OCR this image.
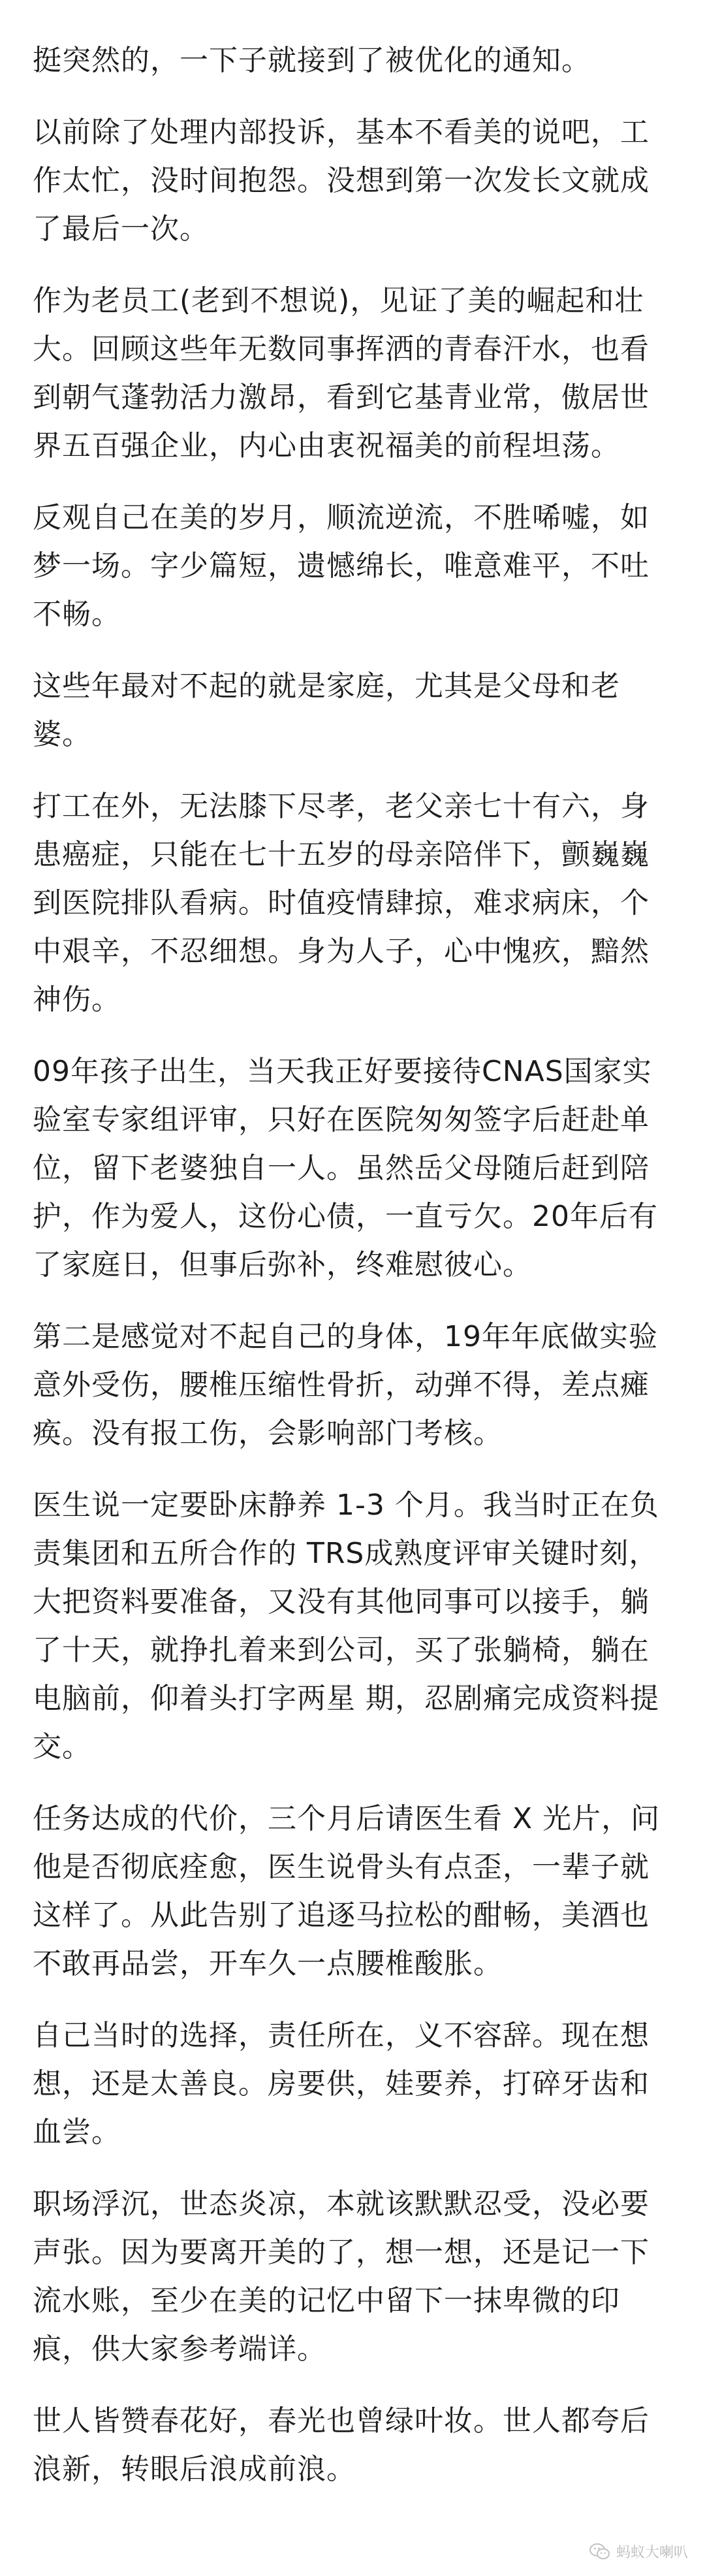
挺突然的，一下子就接到了被优化的通知。

以前除了处理内部投诉，基本不看美的说吧，工作太忙，没时间抱怨。没想到第一次发长文就成了最后一次。

作为老员工(老到不想说)，见证了美的崛起和壮大。回顾这些年无数同事挥洒的青春汗水，也看到朝气蓬勃活力激昂，看到它基青业常，傲居世界五百强企业，内心由衷祝福美的前程坦荡。

反观自己在美的岁月，顺流逆流，不胜唏嘘，如梦一场。字少篇短，遗憾绵长，唯意难平，不吐不畅。

这些年最对不起的就是家庭，尤其是父母和老婆。

打工在外，无法膝下尽孝，老父亲七十有六，身患癌症，只能在七十五岁的母亲陪伴下，颤巍巍到医院排队看病。时值疫情肆掠，难求病床，个中艰辛，不忍细想。身为人子，心中愧疚，黯然神伤。

09年孩子出生，当天我正好要接待CNAS国家实验室专家组评审，只好在医院匆匆签字后赶赴单位，留下老婆独自一人。虽然岳父母随后赶到陪护，作为爱人，这份心债，一直亏欠。20年后有了家庭日，但事后弥补，终难慰彼心。

第二是感觉对不起自己的身体，19年年底做实验意外受伤，腰椎压缩性骨折，动弹不得，差点瘫痪。没有报工伤，会影响部门考核。

医生说一定要卧床静养 1-3 个月。我当时正在负责集团和五所合作的 TRS成熟度评审关键时刻，大把资料要准备，又没有其他同事可以接手，躺了十天，就挣扎着来到公司，买了张躺椅，躺在电脑前，仰着头打字两星 期，忍剧痛完成资料提交。

任务达成的代价，三个月后请医生看 X 光片，问他是否彻底痊愈，医生说骨头有点歪，一辈子就这样了。从此告别了追逐马拉松的酣畅，美酒也不敢再品尝，开车久一点腰椎酸胀。

自己当时的选择，责任所在，义不容辞。现在想想，还是太善良。房要供，娃要养，打碎牙齿和血尝。

职场浮沉，世态炎凉，本就该默默忍受，没必要声张。因为要离开美的了，想一想，还是记一下流水账，至少在美的记忆中留下一抹卑微的印痕，供大家参考端详。

世人皆赞春花好，春光也曾绿叶妆。世人都夸后浪新，转眼后浪成前浪。

蚂蚁大喇叭
